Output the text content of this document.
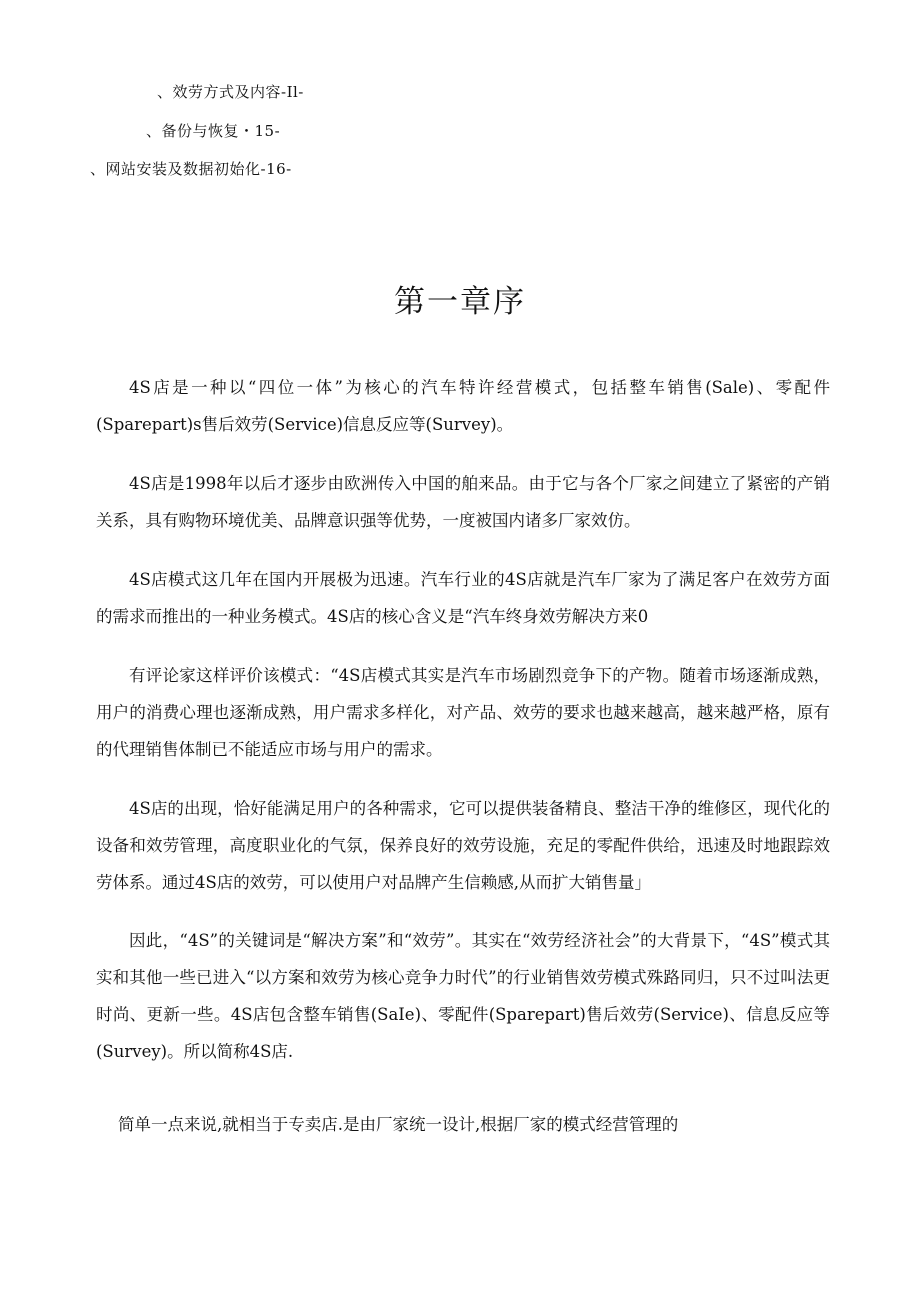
、效劳方式及内容-Il-
、备份与恢复・15-
、网站安装及数据初始化-16-
第一章序

4S店是一种以“四位一体”为核心的汽车特许经营模式，包括整车销售(Sale)、零配件(Sparepart)s售后效劳(Service)信息反应等(Survey)。

4S店是1998年以后才逐步由欧洲传入中国的舶来品。由于它与各个厂家之间建立了紧密的产销关系，具有购物环境优美、品牌意识强等优势，一度被国内诸多厂家效仿。

4S店模式这几年在国内开展极为迅速。汽车行业的4S店就是汽车厂家为了满足客户在效劳方面的需求而推出的一种业务模式。4S店的核心含义是“汽车终身效劳解决方来0

有评论家这样评价该模式：“4S店模式其实是汽车市场剧烈竞争下的产物。随着市场逐渐成熟，用户的消费心理也逐渐成熟，用户需求多样化，对产品、效劳的要求也越来越高，越来越严格，原有的代理销售体制已不能适应市场与用户的需求。

4S店的出现，恰好能满足用户的各种需求，它可以提供装备精良、整洁干净的维修区，现代化的设备和效劳管理，高度职业化的气氛，保养良好的效劳设施，充足的零配件供给，迅速及时地跟踪效劳体系。通过4S店的效劳，可以使用户对品牌产生信赖感,从而扩大销售量」

因此，“4S”的关键词是“解决方案”和“效劳”。其实在“效劳经济社会”的大背景下，“4S”模式其实和其他一些已进入“以方案和效劳为核心竞争力时代”的行业销售效劳模式殊路同归，只不过叫法更时尚、更新一些。4S店包含整车销售(SaIe)、零配件(Sparepart)售后效劳(Service)、信息反应等(Survey)。所以简称4S店.

简单一点来说,就相当于专卖店.是由厂家统一设计,根据厂家的模式经营管理的
